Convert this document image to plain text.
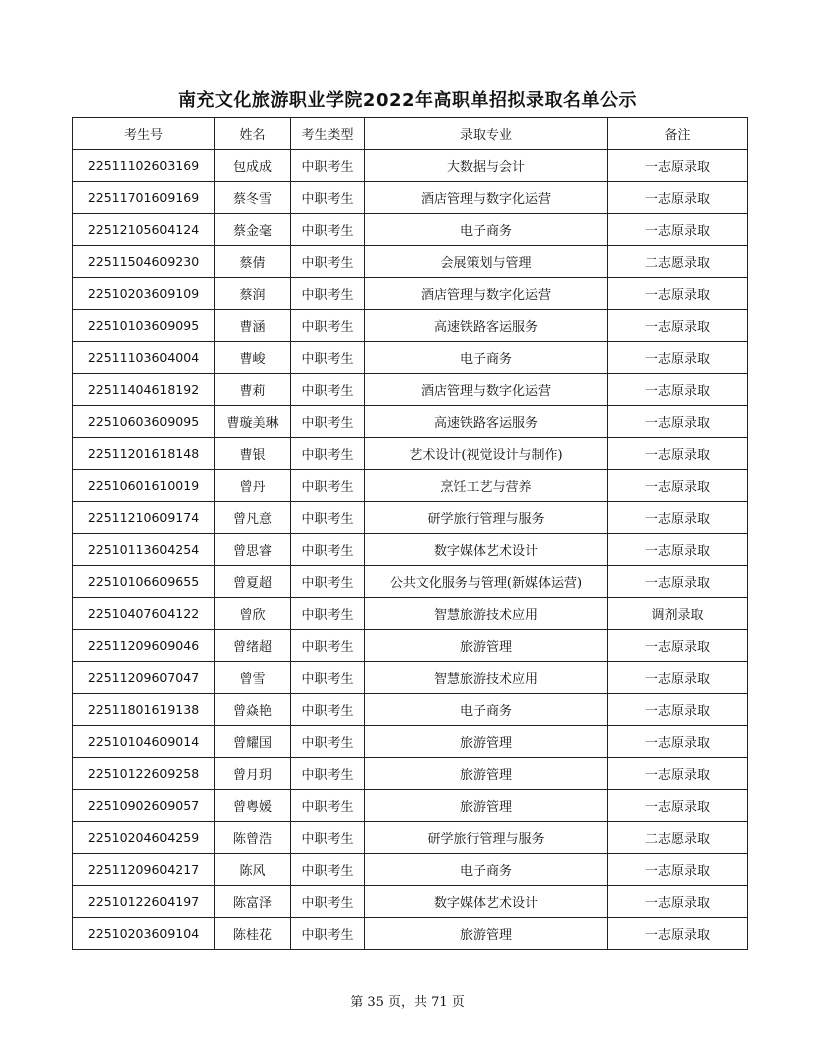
南充文化旅游职业学院2022年高职单招拟录取名单公示
考生号	姓名	考生类型	录取专业	备注
22511102603169	包成成	中职考生	大数据与会计	一志原录取
22511701609169	蔡冬雪	中职考生	酒店管理与数字化运营	一志原录取
22512105604124	蔡金毫	中职考生	电子商务	一志原录取
22511504609230	蔡倩	中职考生	会展策划与管理	二志愿录取
22510203609109	蔡润	中职考生	酒店管理与数字化运营	一志原录取
22510103609095	曹涵	中职考生	高速铁路客运服务	一志原录取
22511103604004	曹峻	中职考生	电子商务	一志原录取
22511404618192	曹莉	中职考生	酒店管理与数字化运营	一志原录取
22510603609095	曹璇美琳	中职考生	高速铁路客运服务	一志原录取
22511201618148	曹银	中职考生	艺术设计(视觉设计与制作)	一志原录取
22510601610019	曾丹	中职考生	烹饪工艺与营养	一志原录取
22511210609174	曾凡意	中职考生	研学旅行管理与服务	一志原录取
22510113604254	曾思睿	中职考生	数字媒体艺术设计	一志原录取
22510106609655	曾夏超	中职考生	公共文化服务与管理(新媒体运营)	一志原录取
22510407604122	曾欣	中职考生	智慧旅游技术应用	调剂录取
22511209609046	曾绪超	中职考生	旅游管理	一志原录取
22511209607047	曾雪	中职考生	智慧旅游技术应用	一志原录取
22511801619138	曾焱艳	中职考生	电子商务	一志原录取
22510104609014	曾耀国	中职考生	旅游管理	一志原录取
22510122609258	曾月玥	中职考生	旅游管理	一志原录取
22510902609057	曾粤媛	中职考生	旅游管理	一志原录取
22510204604259	陈曾浩	中职考生	研学旅行管理与服务	二志愿录取
22511209604217	陈风	中职考生	电子商务	一志原录取
22510122604197	陈富泽	中职考生	数字媒体艺术设计	一志原录取
22510203609104	陈桂花	中职考生	旅游管理	一志原录取
第 35 页，共 71 页
